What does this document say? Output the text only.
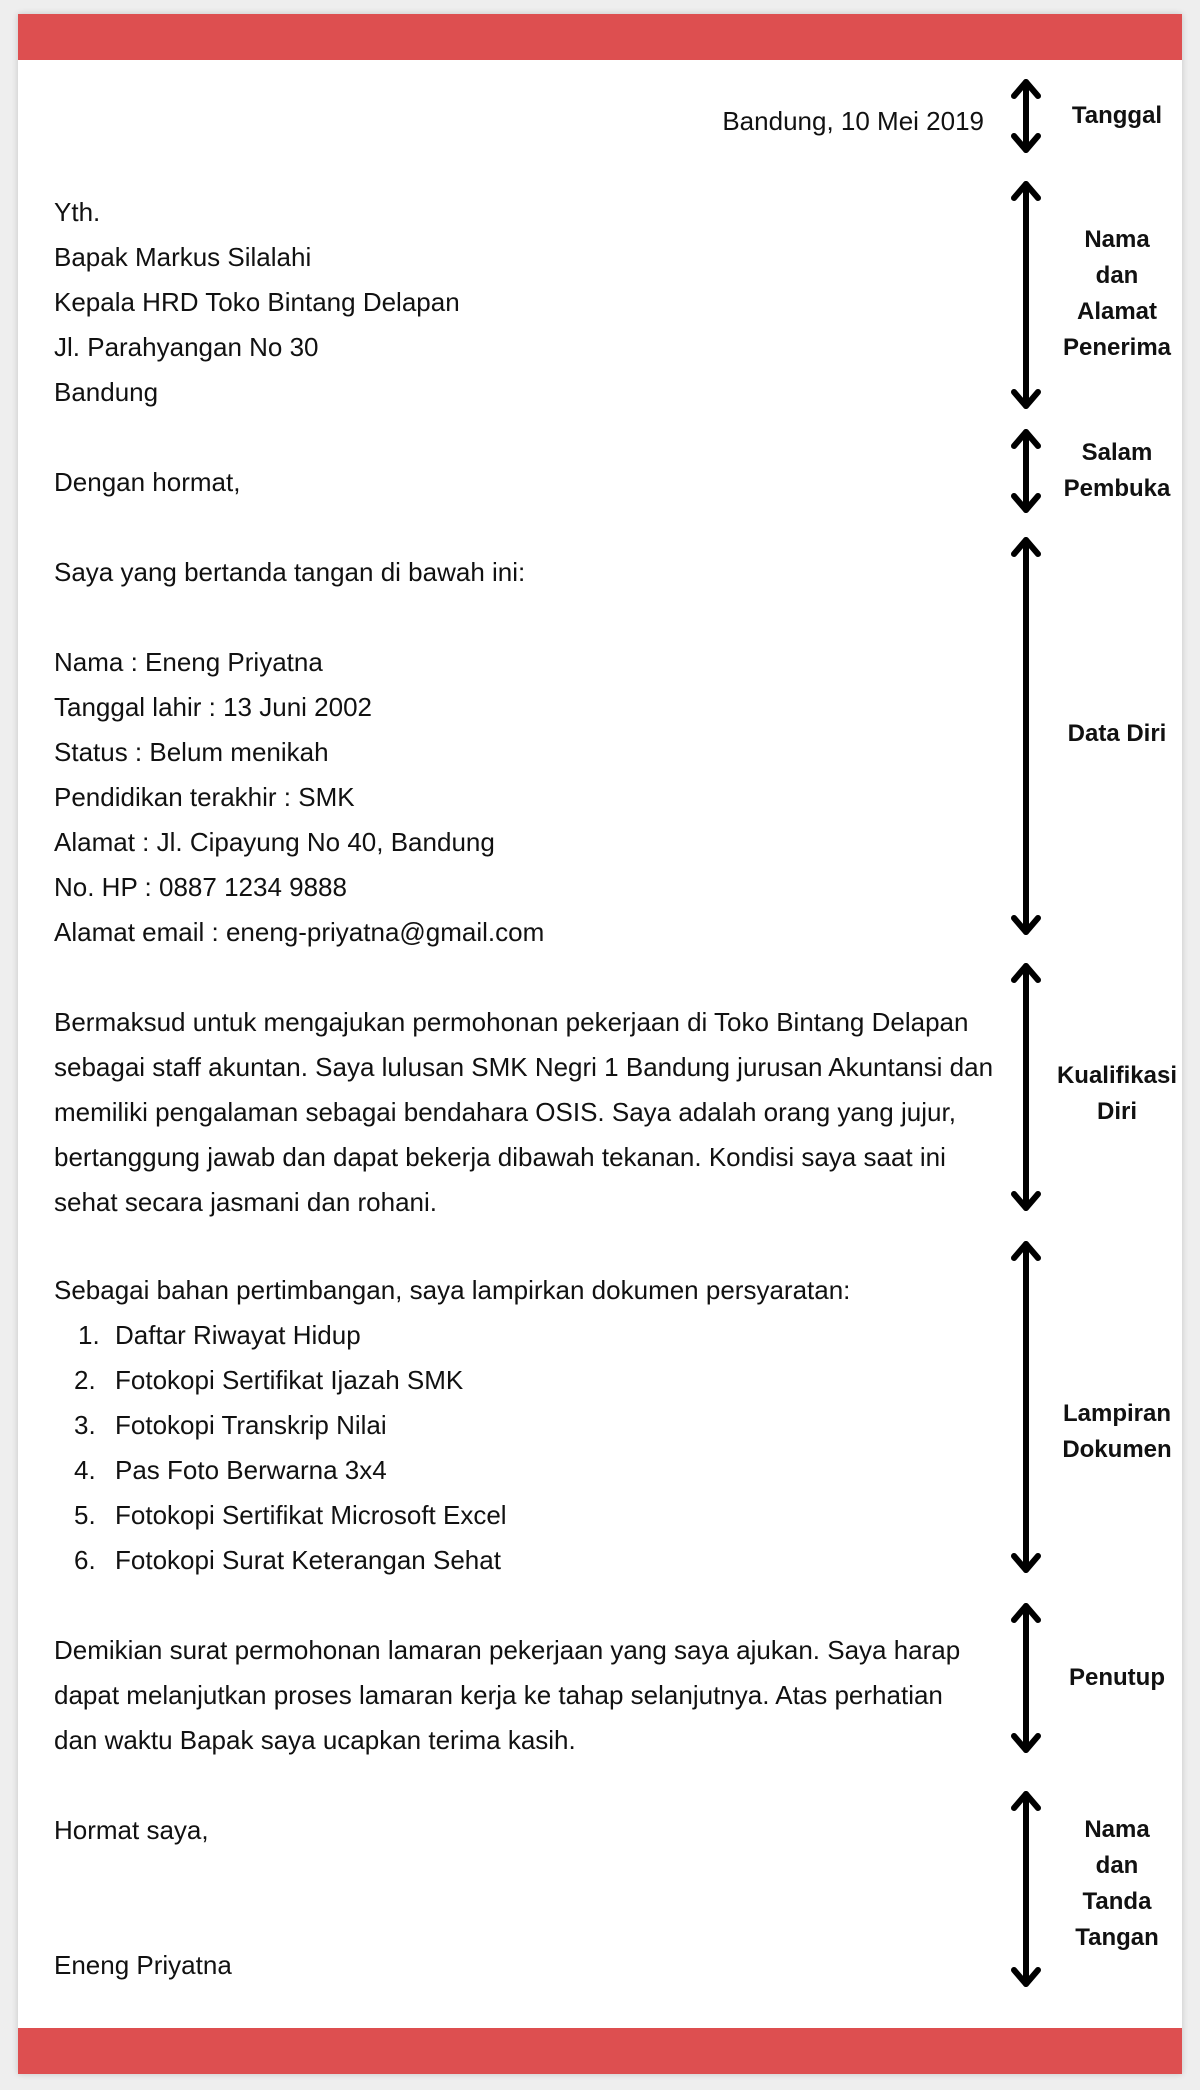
Bandung, 10 Mei 2019
Yth.
Bapak Markus Silalahi
Kepala HRD Toko Bintang Delapan
Jl. Parahyangan No 30
Bandung
Dengan hormat,
Saya yang bertanda tangan di bawah ini:
Nama : Eneng Priyatna
Tanggal lahir : 13 Juni 2002
Status : Belum menikah
Pendidikan terakhir : SMK
Alamat : Jl. Cipayung No 40, Bandung
No. HP : 0887 1234 9888
Alamat email : eneng-priyatna@gmail.com
Bermaksud untuk mengajukan permohonan pekerjaan di Toko Bintang Delapan
sebagai staff akuntan. Saya lulusan SMK Negri 1 Bandung jurusan Akuntansi dan
memiliki pengalaman sebagai bendahara OSIS. Saya adalah orang yang jujur,
bertanggung jawab dan dapat bekerja dibawah tekanan. Kondisi saya saat ini
sehat secara jasmani dan rohani.
Sebagai bahan pertimbangan, saya lampirkan dokumen persyaratan:
1. Daftar Riwayat Hidup
2. Fotokopi Sertifikat Ijazah SMK
3. Fotokopi Transkrip Nilai
4. Pas Foto Berwarna 3x4
5. Fotokopi Sertifikat Microsoft Excel
6. Fotokopi Surat Keterangan Sehat
Demikian surat permohonan lamaran pekerjaan yang saya ajukan. Saya harap
dapat melanjutkan proses lamaran kerja ke tahap selanjutnya. Atas perhatian
dan waktu Bapak saya ucapkan terima kasih.
Hormat saya,
Eneng Priyatna
Tanggal
Nama
dan
Alamat
Penerima
Salam
Pembuka
Data Diri
Kualifikasi
Diri
Lampiran
Dokumen
Penutup
Nama
dan
Tanda
Tangan
